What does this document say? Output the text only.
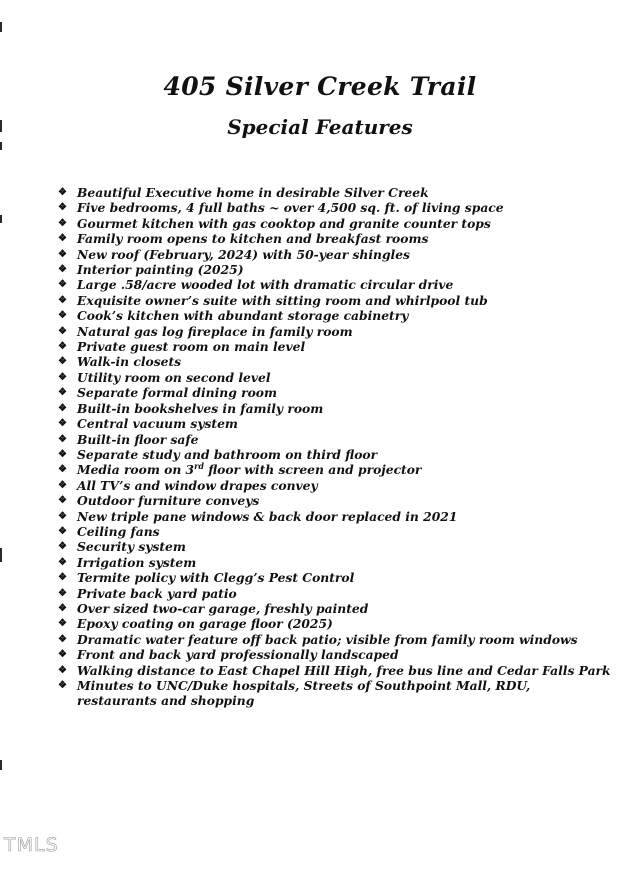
405 Silver Creek Trail
Special Features
❖ Beautiful Executive home in desirable Silver Creek
❖ Five bedrooms, 4 full baths ~ over 4,500 sq. ft. of living space
❖ Gourmet kitchen with gas cooktop and granite counter tops
❖ Family room opens to kitchen and breakfast rooms
❖ New roof (February, 2024) with 50-year shingles
❖ Interior painting (2025)
❖ Large .58/acre wooded lot with dramatic circular drive
❖ Exquisite owner’s suite with sitting room and whirlpool tub
❖ Cook’s kitchen with abundant storage cabinetry
❖ Natural gas log fireplace in family room
❖ Private guest room on main level
❖ Walk-in closets
❖ Utility room on second level
❖ Separate formal dining room
❖ Built-in bookshelves in family room
❖ Central vacuum system
❖ Built-in floor safe
❖ Separate study and bathroom on third floor
❖ Media room on 3rd floor with screen and projector
❖ All TV’s and window drapes convey
❖ Outdoor furniture conveys
❖ New triple pane windows & back door replaced in 2021
❖ Ceiling fans
❖ Security system
❖ Irrigation system
❖ Termite policy with Clegg’s Pest Control
❖ Private back yard patio
❖ Over sized two-car garage, freshly painted
❖ Epoxy coating on garage floor (2025)
❖ Dramatic water feature off back patio; visible from family room windows
❖ Front and back yard professionally landscaped
❖ Walking distance to East Chapel Hill High, free bus line and Cedar Falls Park
❖ Minutes to UNC/Duke hospitals, Streets of Southpoint Mall, RDU, restaurants and shopping
TMLS
